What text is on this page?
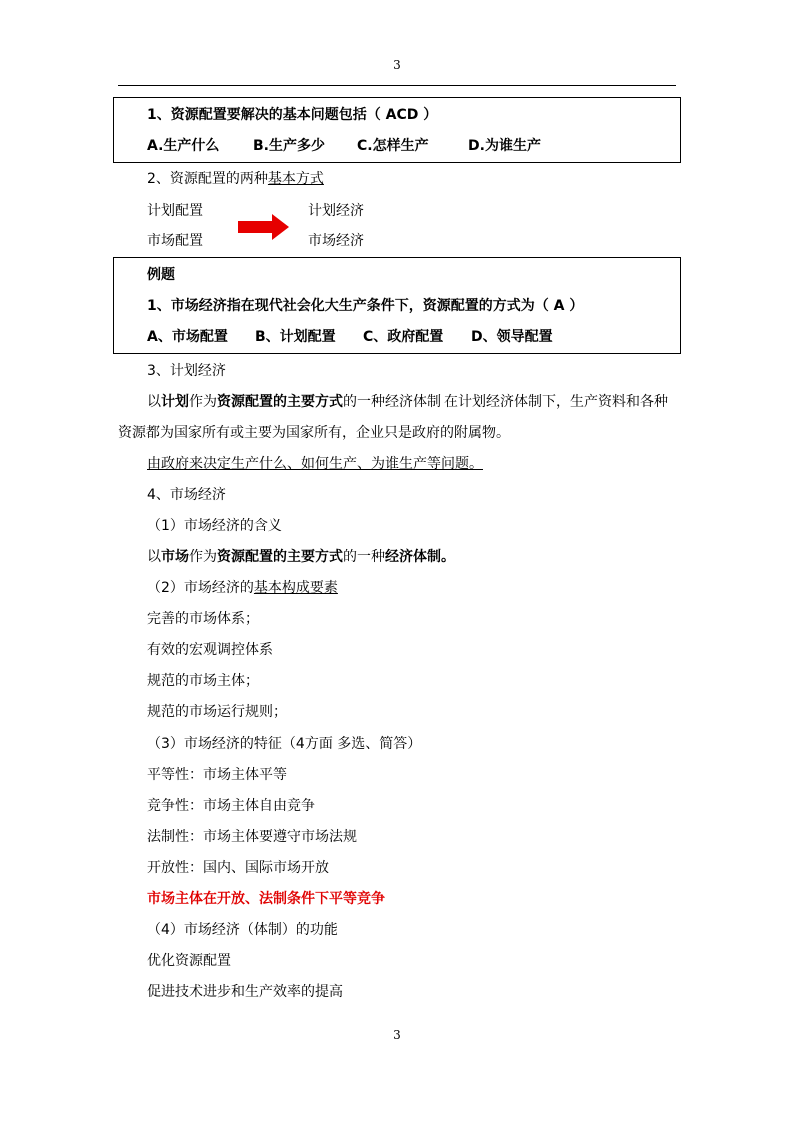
3
1、资源配置要解决的基本问题包括（ ACD ）
A.生产什么 B.生产多少 C.怎样生产	D.为谁生产
2、资源配置的两种基本方式
计划配置
市场配置
计划经济
市场经济
例题
1、市场经济指在现代社会化大生产条件下，资源配置的方式为（ A ）
A、市场配置 B、计划配置 C、政府配置 D、领导配置
3、计划经济
以计划作为资源配置的主要方式的一种经济体制 在计划经济体制下，生产资料和各种
资源都为国家所有或主要为国家所有，企业只是政府的附属物。
由政府来决定生产什么、如何生产、为谁生产等问题。
4、市场经济
（1）市场经济的含义
以市场作为资源配置的主要方式的一种经济体制。
（2）市场经济的基本构成要素
完善的市场体系；
有效的宏观调控体系
规范的市场主体；
规范的市场运行规则；
（3）市场经济的特征（4方面 多选、简答）
平等性：市场主体平等
竞争性：市场主体自由竞争
法制性：市场主体要遵守市场法规
开放性：国内、国际市场开放
市场主体在开放、法制条件下平等竞争
（4）市场经济（体制）的功能
优化资源配置
促进技术进步和生产效率的提高
3
